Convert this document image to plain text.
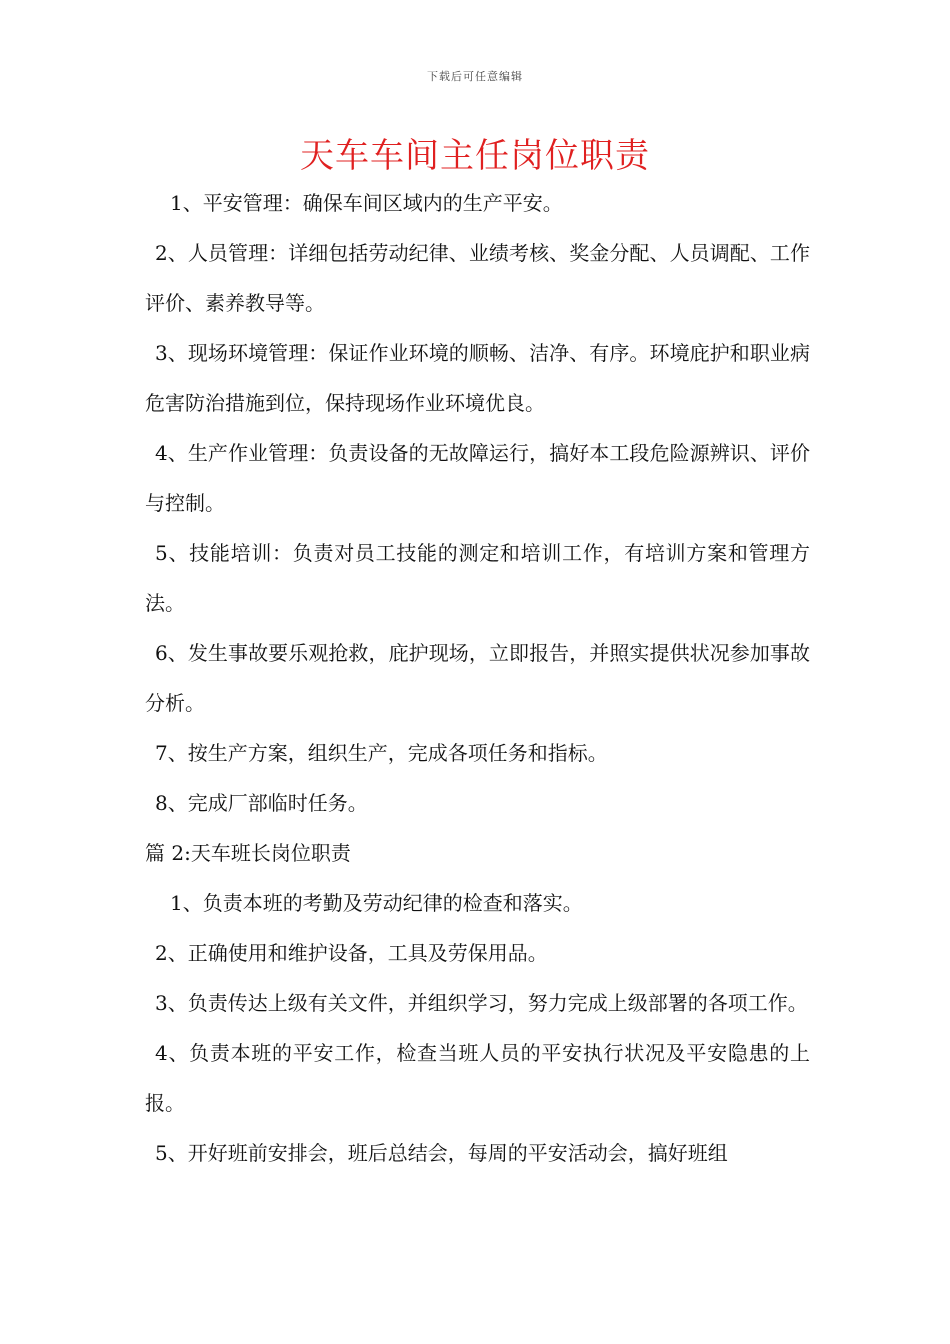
下载后可任意编辑
天车车间主任岗位职责

1、平安管理：确保车间区域内的生产平安。

2、人员管理：详细包括劳动纪律、业绩考核、奖金分配、人员调配、工作评价、素养教导等。

3、现场环境管理：保证作业环境的顺畅、洁净、有序。环境庇护和职业病危害防治措施到位，保持现场作业环境优良。

4、生产作业管理：负责设备的无故障运行，搞好本工段危险源辨识、评价与控制。

5、技能培训：负责对员工技能的测定和培训工作，有培训方案和管理方法。

6、发生事故要乐观抢救，庇护现场，立即报告，并照实提供状况参加事故分析。

7、按生产方案，组织生产，完成各项任务和指标。

8、完成厂部临时任务。

篇 2:天车班长岗位职责

1、负责本班的考勤及劳动纪律的检查和落实。

2、正确使用和维护设备，工具及劳保用品。

3、负责传达上级有关文件，并组织学习，努力完成上级部署的各项工作。

4、负责本班的平安工作，检查当班人员的平安执行状况及平安隐患的上报。

5、开好班前安排会，班后总结会，每周的平安活动会，搞好班组
